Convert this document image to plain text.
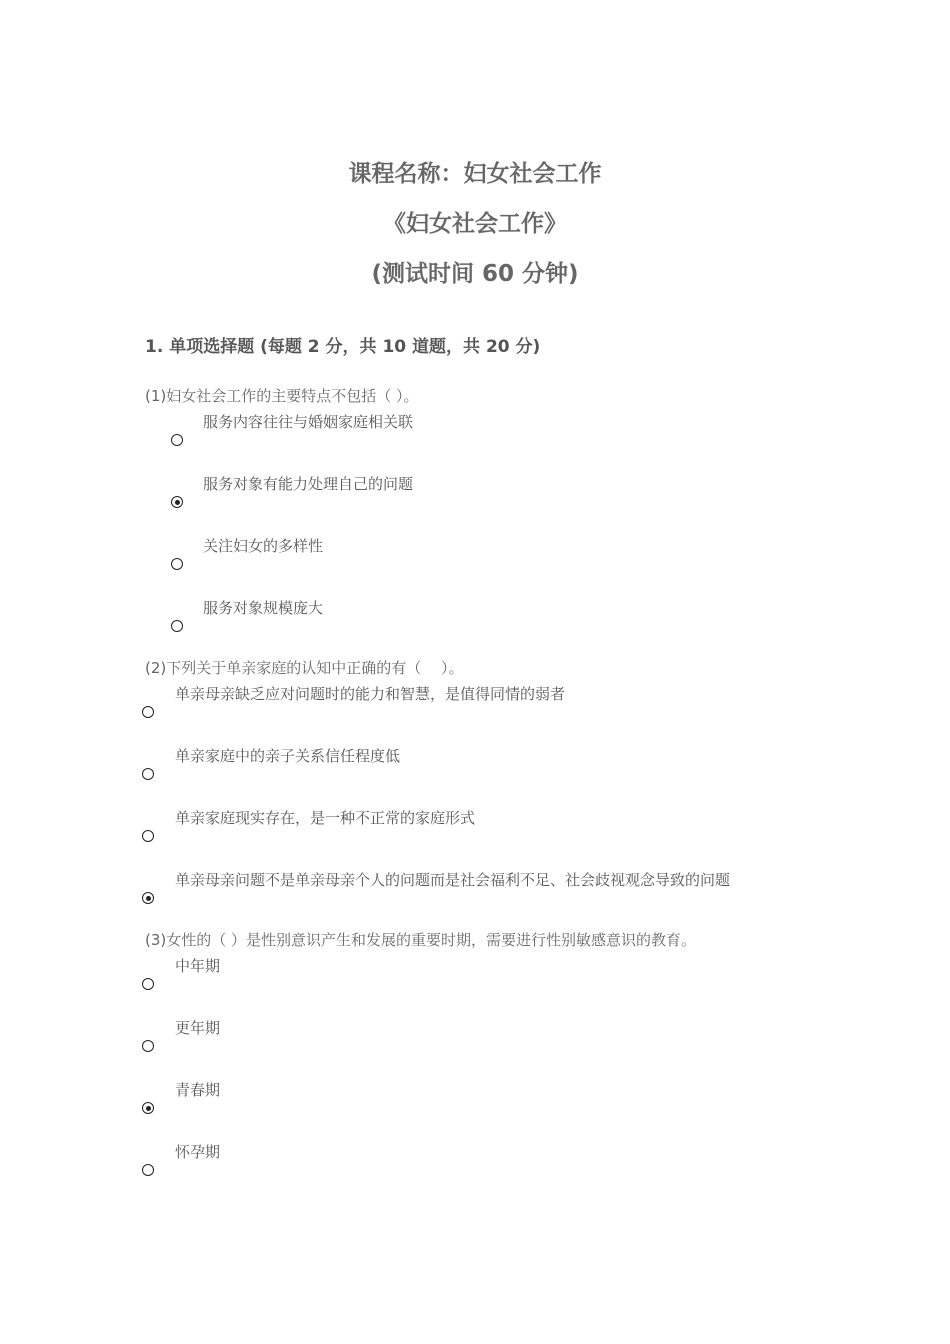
课程名称：妇女社会工作
《妇女社会工作》
(测试时间 60 分钟)
1. 单项选择题 (每题 2 分，共 10 道题，共 20 分)
(1)妇女社会工作的主要特点不包括（ ）。
服务内容往往与婚姻家庭相关联
服务对象有能力处理自己的问题
关注妇女的多样性
服务对象规模庞大
(2)下列关于单亲家庭的认知中正确的有（　 ）。
单亲母亲缺乏应对问题时的能力和智慧，是值得同情的弱者
单亲家庭中的亲子关系信任程度低
单亲家庭现实存在，是一种不正常的家庭形式
单亲母亲问题不是单亲母亲个人的问题而是社会福利不足、社会歧视观念导致的问题
(3)女性的（ ）是性别意识产生和发展的重要时期，需要进行性别敏感意识的教育。
中年期
更年期
青春期
怀孕期
